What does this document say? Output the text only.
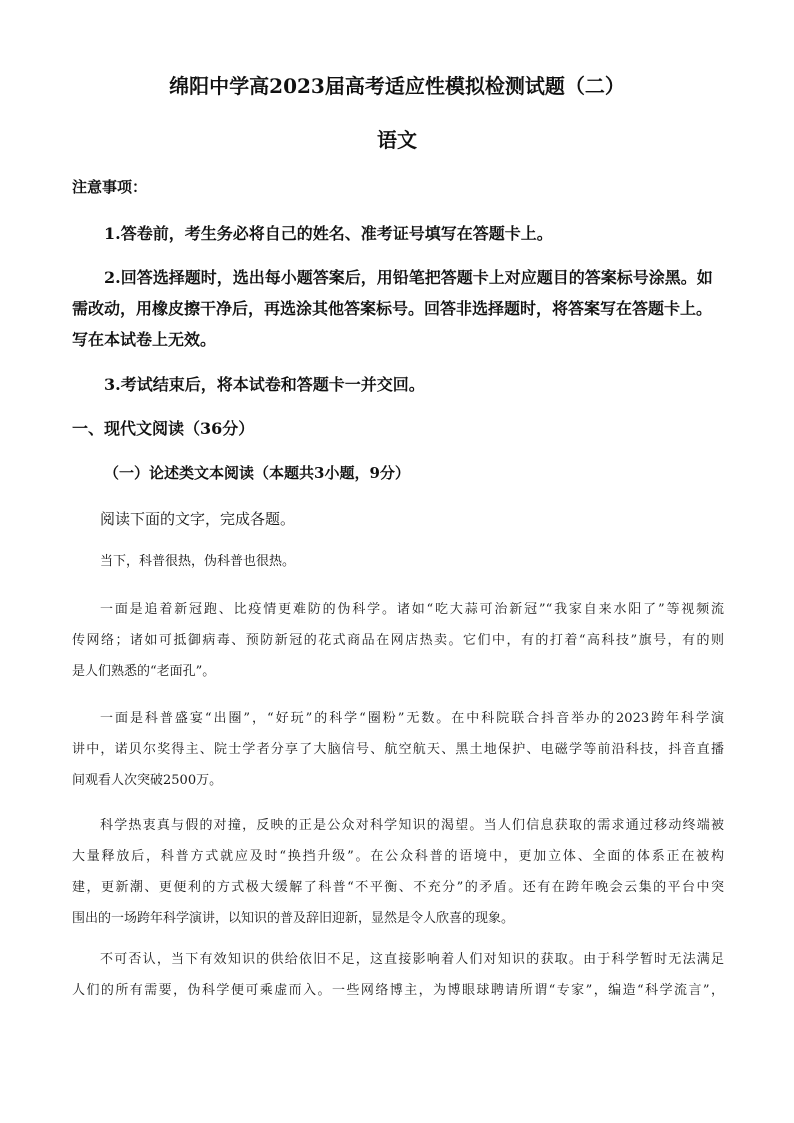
绵阳中学高2023届高考适应性模拟检测试题（二）
语文
注意事项：
1.答卷前，考生务必将自己的姓名、准考证号填写在答题卡上。
2.回答选择题时，选出每小题答案后，用铅笔把答题卡上对应题目的答案标号涂黑。如
需改动，用橡皮擦干净后，再选涂其他答案标号。回答非选择题时，将答案写在答题卡上。
写在本试卷上无效。
3.考试结束后，将本试卷和答题卡一并交回。
一、现代文阅读（36分）
（一）论述类文本阅读（本题共3小题，9分）
阅读下面的文字，完成各题。
当下，科普很热，伪科普也很热。
一面是追着新冠跑、比疫情更难防的伪科学。诸如“吃大蒜可治新冠”“我家自来水阳了”等视频流
传网络；诸如可抵御病毒、预防新冠的花式商品在网店热卖。它们中，有的打着“高科技”旗号，有的则
是人们熟悉的“老面孔”。
一面是科普盛宴“出圈”，“好玩”的科学“圈粉”无数。在中科院联合抖音举办的2023跨年科学演
讲中，诺贝尔奖得主、院士学者分享了大脑信号、航空航天、黑土地保护、电磁学等前沿科技，抖音直播
间观看人次突破2500万。
科学热衷真与假的对撞，反映的正是公众对科学知识的渴望。当人们信息获取的需求通过移动终端被
大量释放后，科普方式就应及时“换挡升级”。在公众科普的语境中，更加立体、全面的体系正在被构
建，更新潮、更便利的方式极大缓解了科普“不平衡、不充分”的矛盾。还有在跨年晚会云集的平台中突
围出的一场跨年科学演讲，以知识的普及辞旧迎新，显然是令人欣喜的现象。
不可否认，当下有效知识的供给依旧不足，这直接影响着人们对知识的获取。由于科学暂时无法满足
人们的所有需要，伪科学便可乘虚而入。一些网络博主，为博眼球聘请所谓“专家”，编造“科学流言”，
